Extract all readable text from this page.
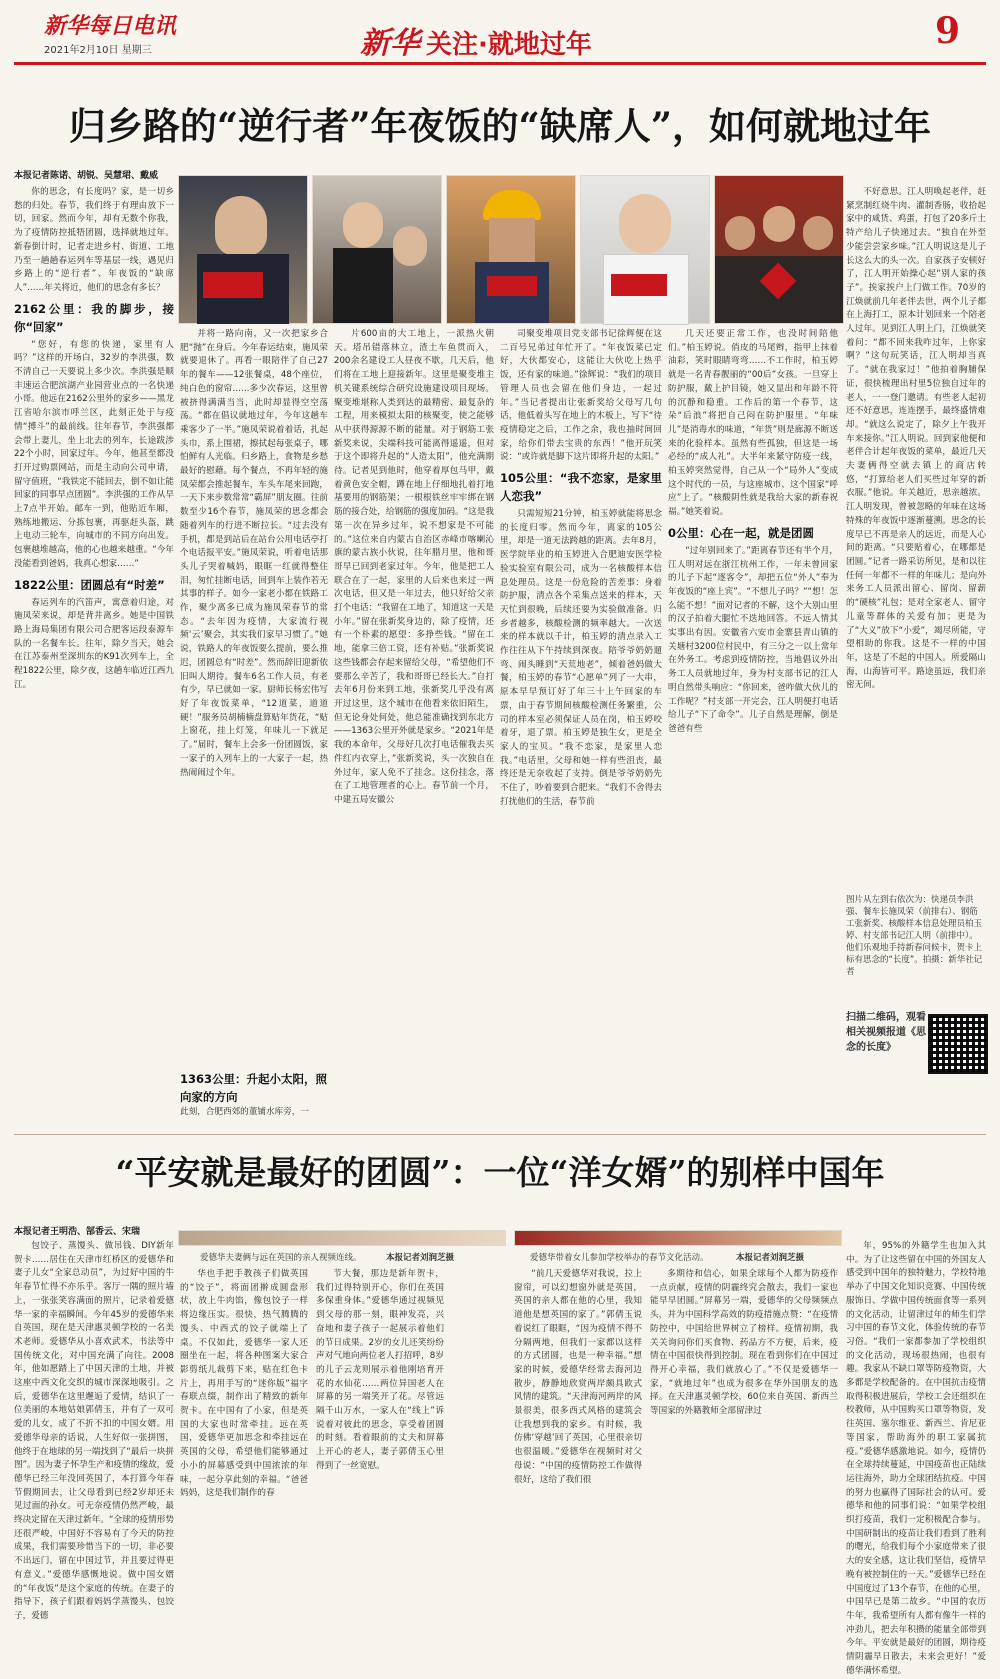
新华每日电讯
2021年2月10日 星期三	新华 关注·就地过年	9
归乡路的“逆行者”年夜饭的“缺席人”，如何就地过年
本报记者陈诺、胡锐、吴慧珺、戴威

你的思念，有长度吗？家，是一切乡愁的归处。春节，我们终于有理由放下一切，回家。然而今年，却有无数个你我，为了疫情防控抵牾团圆，选择就地过年。新春倒计时，记者走进乡村、街道、工地乃至一趟趟春运列车等基层一线，遇见归乡路上的“逆行者”、年夜饭的“缺席人”……年关将近，他们的思念有多长？

2162公里：我的脚步，接你“回家”

“您好，有您的快递，家里有人吗？”这样的开场白，32岁的李洪强，数不清自己一天要说上多少次。李洪强是顺丰速运合肥滨湖产业园营业点的一名快递小哥。他远在2162公里外的家乡——黑龙江省哈尔滨市呼兰区，此刻正处于与疫情“搏斗”的最前线。往年春节，李洪强都会带上妻儿，坐上北去的列车，长途跋涉22个小时，回家过年。今年，他甚至都没打开过购票网站，而是主动向公司申请，留守值班，“我铁定不能回去，倒不如让能回家的同事早点团圆”。李洪强的工作从早上7点半开始。邮车一到，他贴近车厢，熟练地搬运、分拣包裹，再驱赶头盔，跳上电动三轮车，向城市的不同方向出发。包裹越堆越高，他的心也越来越重。“今年没能看到爸妈，我真心想家……”

1822公里：团圆总有“时差”

春运列车的汽笛声，寓意着归途，对施凤荣来说，却是背井离乡。她是中国铁路上海局集团有限公司合肥客运段泰源车队的一名餐车长。往年，除夕当天，她会在江苏泰州至深圳东的K91次列车上，全程1822公里，除夕夜，这趟车临近江西九江。

并将一路向南，又一次把家乡合肥“抛”在身后。今年春运结束，施凤荣就要退休了。再看一眼陪伴了自己27年的餐车——12张餐桌，48个座位，纯白色的窗帘……多少次春运，这里曾被挤得满满当当，此时却显得空空荡荡。“都在倡议就地过年，今年这趟车乘客少了一半。”施凤荣说着着话，扎起头巾，系上围裙，擦拭起每张桌子，哪怕鲜有人光临。归乡路上，食物是乡愁最好的慰藉。每个餐点，不再年轻的施凤荣都会推起餐车，车头车尾来回跑，一天下来步数常常“霸屏”朋友圈。往前数至少16个春节，施凤荣的思念都会随着列车的行进不断拉长。“过去没有手机，都是到站后在站台公用电话亭打个电话报平安。”施凤荣说，听着电话那头儿子哭着喊妈，眼眶一红就得整住泪，匆忙挂断电话，回到车上装作若无其事的样子。如今一家老小都在铁路工作，聚少离多已成为施凤荣春节的常态。“去年因为疫情，大家流行视频‘云’聚会，其实我们家早习惯了。”她说，铁路人的年夜饭要么提前，要么推迟，团圆总有“时差”。然而辞旧迎新依旧叫人期待。餐车6名工作人员，有老有少，早已就如一家。厨师长杨宏伟写好了年夜饭菜单，“12道菜，道道硬！”服务员胡楠楠盘算贴年货花，“贴上窗花，挂上灯笼，年味儿一下就足了。”届时，餐车上会多一份团圆饭，家一家子的入列车上的一大家子一起，热热闹闹过个年。

1363公里：升起小太阳，照向家的方向
此刻，合肥西郊的董铺水库旁，一

片600亩的大工地上，一派热火朝天。塔吊错落林立，渣土车鱼贯而入，200余名建设工人昼夜不歇，几天后，他们将在工地上迎接新年。这里是聚变堆主机关键系统综合研究设施建设项目现场。聚变堆堪称人类到达的最精密、最复杂的工程，用来模拟太阳的核聚变，使之能够从中获得源源不断的能量。对于钢筋工张新奖来说，尖端科技可能离得遥遥，但对于这个即将升起的“人造太阳”，他充满期待。记者见到他时，他穿着厚包马甲，戴着黄色安全帽，蹲在地上仔细地扎着打地基要用的钢筋架；一根根铁丝牢牢绑在钢筋的接合处，给钢筋的强度加码。“这是我第一次在异乡过年，说不想家是不可能的。”这位来自内蒙古自治区赤峰市喀喇沁旗的蒙古族小伙说，往年腊月里，他和哥哥早已回到老家过年。今年，他是把工人联合在了一起，家里的人后来也来过一两次电话，但又是一年过去，他只好给父亲打个电话：“我留在工地了，知道这一天是小年。”留在张新奖身边的，除了疫情，还有一个朴素的愿望：多挣些钱。“留在工地，能拿三倍工资，还有补贴。”张新奖说这些钱都会存起来留给父母，“希望他们不要那么辛苦了，我和哥哥已经长大。”自打去年6月份来到工地，张新奖几乎没有离开过这里，这个城市在他看来依旧陌生，但无论身处何处，他总能准确找到东北方——1363公里开外就是家乡。“2021年是我的本命年，父母好几次打电话催我去买件红内衣穿上，”张新奖说，头一次独自在外过年，家人免不了挂念。这份挂念，落在了工地管理者的心上。春节前一个月，中建五局安徽公

司聚变堆项目党支部书记徐辉便在这二百号兄弟过年忙开了。“年夜饭菜已定好，大伙都安心，这能让大伙吃上热乎饭，还有家的味道。”徐辉说：“我们的项目管理人员也会留在他们身边，一起过年。”当记者提出让张新奖给父母写几句话，他低着头写在地上的木板上，写下“待疫情稳定之后，工作之余，我也抽时间回家，给你们带去宝贵的东西！”他开玩笑说：“或许就是脚下这片即将升起的太阳。”

105公里：“我不恋家，是家里人恋我”

只需短短21分钟，柏玉婷就能将思念的长度归零。然而今年，离家的105公里，却是一道无法跨越的距离。去年8月，医学院毕业的柏玉婷进入合肥迪安医学检验实验室有限公司，成为一名核酸样本信息处理员。这是一份危险的苦差事：身着防护服，清点各个采集点送来的样本，天天忙到很晚，后续还要为实验做准备。归乡者越多，核酸检测的频率越大。一次送来的样本就以千计，柏玉婷的清点录入工作往往从下午持续到深夜。陪爷爷奶奶遛弯、闹头睡到“天荒地老”，倾着爸妈做大餐，柏玉婷的春节“心愿单”列了一大串，原本早早预订好了年三十上午回家的车票，由于春节期间核酸检测任务繁重，公司的样本室必须保证人员在岗，柏玉婷咬着牙，退了票。柏玉婷是独生女，更是全家人的宝贝。“我不恋家，是家里人恋我。”电话里，父母和她一样有些沮丧，最终还是无奈收起了支持。倒是爷爷奶奶先不住了，吵着要到合肥来。“我们不舍得去打扰他们的生活，春节前

几天还要正常工作，也没时间陪他们。”柏玉婷说。俏皮的马尾辫，指甲上抹着油彩，笑时眼睛弯弯……不工作时，柏玉婷就是一名青春靓丽的“00后”女孩。一旦穿上防护服，戴上护目镜，她又显出和年龄不符的沉静和稳重。工作后的第一个春节，这朵“后浪”将把自己闷在防护服里。“年味儿”是消毒水的味道，“年货”则是廊源不断送来的化验样本。虽然有些孤独，但这是一场必经的“成人礼”。大半年来紧守防疫一线，柏玉婷突然觉得，自己从一个“局外人”变成这个时代的一员，与这座城市、这个国家“呼应”上了。“核酸阴性就是我给大家的新春祝福。”她笑着说。

0公里：心在一起，就是团圆

“过年别回来了。”距离春节还有半个月，江人明对远在浙江杭州工作，一年未曾回家的儿子下起“逐客令”，却把五位“外人”奉为年夜饭的“座上宾”。“不想儿子吗？”“想！怎么能不想！”面对记者的不解，这个大别山里的汉子拍着大腿忙不迭地回答。不远人情其实事出有因。安徽省六安市金寨县青山镇的关塘村3200位村民中，有三分之一以上常年在外务工。考虑到疫情防控，当地倡议外出务工人员就地过年，身为村支部书记的江人明自然带头响应：“你回来，爸咋做大伙儿的工作呢？”村支部一开完会，江人明便打电话给儿子“下了命令”。儿子自然是理解，倒是爸爸有些

不好意思。江人明唤起老伴，赶紧烹制红烧牛肉、灌制香肠，收拾起家中的咸货、鸡蛋，打包了20多斤土特产给儿子快递过去。“独自在外至少能尝尝家乡味。”江人明说这是儿子长这么大的头一次。自家孩子安顿好了，江人明开始操心起“别人家的孩子”。挨家挨户上门做工作。70岁的江焕就前几年老伴去世，两个儿子都在上海打工，原本计划回来一个陪老人过年。见到江人明上门，江焕就笑着问：“都不回来我咋过年，上你家啊？”这句玩笑话，江人明却当真了。“就在我家过！”他拍着胸脯保证，很快梳理出村里5位独自过年的老人，一一登门邀请。有些老人起初还不好意思，连连摆手，最终盛情难却。“就这么说定了，除夕上午我开车来接你。”江人明说。回到家他便和老伴合计起年夜饭的菜单，最近几天夫妻俩得空就去镇上的商店转悠，“打算给老人们买些过年穿的新衣服。”他说。年关越近，思亲越浓。江人明发现，曾被忽略的年味在这场特殊的年夜饭中逐渐蔓溯。思念的长度早已不再是亲人的远近，而是人心间的距离。“只要贴着心，在哪都是团圆。”记者一路采访所见，是和以往任何一年都不一样的年味儿；是向外来务工人员派出留心、留岗、留薪的“硬核”礼包；是对全家老人、留守儿童等群体的关爱有加；更是为了“大义”放下“小爱”，竭尽所能，守望相助的你我。这是不一样的中国年，这是了不起的中国人。所爱隔山海，山海皆可平。路途虽远，我们亲密无间。

图片从左到右依次为：快递员李洪强、餐车长施凤荣（前排右）、钢筋工张新奖、核酸样本信息处理员柏玉婷、村支部书记江人明（前排中）。他们乐观地手持新春问候卡，贺卡上标有思念的“长度”。拍摄：新华社记者
扫描二维码，观看相关视频报道《思念的长度》
“平安就是最好的团圆”：一位“洋女婿”的别样中国年
本报记者王明浩、郜香云、宋瑞

包饺子、蒸馒头、做吊钱、DIY新年贺卡……居住在天津市红桥区的爱德华和妻子儿女“全家总动员”，为过好中国的牛年春节忙得不亦乐乎。客厅一隅的照片墙上，一张张笑容满面的照片，记录着爱德华一家的幸福瞬间。今年45岁的爱德华来自英国，现在是天津惠灵顿学校的一名美术老师。爱德华从小喜欢武术，书法等中国传统文化，对中国充满了向往。2008年，他如愿踏上了中国天津的土地，并被这座中西文化交织的城市深深地吸引。之后，爱德华在这里邂逅了爱情，结识了一位美丽的本地姑娘郭倩玉，并有了一双可爱的儿女，成了不折不扣的中国女婿。用爱德华母亲的话说，人生好似一张拼图，他终于在地球的另一端找到了“最后一块拼图”。因为妻子怀孕生产和疫情的缘故，爱德华已经三年没回英国了，本打算今年春节假期回去，让父母看到已经2岁却还未见过面的孙女。可无奈疫情仍然严峻，最终决定留在天津过新年。“全球的疫情形势还很严峻，中国好不容易有了今天的防控成果，我们需要珍惜当下的一切，非必要不出远门，留在中国过节，并且要过得更有意义。”爱德华感慨地说。做中国女婿的“年夜饭”是这个家庭的传统。在妻子的指导下，孩子们跟着妈妈学蒸馒头、包饺子，爱德

爱德华夫妻俩与远在英国的亲人视频连线。	本报记者刘润芝摄	爱德华带着女儿参加学校举办的春节文化活动。	本报记者刘润芝摄

华也手把手教孩子们做英国的“饺子”，将面团擀成圆盘形状，放上牛肉馅，像包饺子一样将边缘压实。很快，热气腾腾的馒头、中西式的饺子就端上了桌。不仅如此，爱德华一家人还圈坐在一起，将各种图案大家合影剪纸儿裁剪下来，贴在红色卡片上，再用手写的“迷你版”福字春联点缀，制作出了精致的新年贺卡。在中国有了小家，但是英国的大家也时常牵挂。远在英国，爱德华更加思念和牵挂远在英国的父母，希望他们能够通过小小的屏幕感受到中国浓浓的年味，一起分享此刻的幸福。“爸爸妈妈，这是我们制作的春

节大餐，那边是新年贺卡，我们过得特别开心，你们在英国多保重身体。”爱德华通过视频见到父母的那一刻，眼神发亮，兴奋地和妻子孩子一起展示着他们的节日成果。2岁的女儿还笑纷纷声对气地向两位老人打招呼，8岁的儿子云龙则展示着他刚培育开花的水仙花……两位异国老人在屏幕的另一端笑开了花。尽管远隔千山万水，一家人在“线上”诉说着对彼此的思念，享受着团圆的时刻。看着眼前的丈夫和屏幕上开心的老人，妻子郭倩玉心里得到了一丝宽慰。

“前几天爱德华对我说，拉上窗帘，可以幻想窗外就是英国，英国的亲人都在他的心里，我知道他是想英国的家了。”郭倩玉说着说红了眼眶，“因为疫情不得不分隔两地，但我们一家都以这样的方式团圆，也是一种幸福。”想家的时候，爱德华经常去海河边散步，静静地欣赏两岸颇具欧式风情的建筑。“天津海河两岸的风景很美，很多西式风格的建筑会让我想到我的家乡。有时候，我仿佛‘穿越’回了英国，心里很亲切也很温暖。”爱德华在视频时对父母说：“中国的疫情防控工作做得很好，这给了我们很

多期待和信心，如果全球每个人都为防疫作一点贡献，疫情的阴霾终究会散去，我们一家也能早早团圆。”屏幕另一端，爱德华的父母频频点头，并为中国科学高效的防疫措施点赞：“在疫情防控中，中国给世界树立了榜样。疫情初期，我关关询问你们买食物、药品方不方便，后来，疫情在中国很快得到控制。现在看到你们在中国过得开心幸福，我们就放心了。”不仅是爱德华一家，“就地过年”也成为很多在华外国朋友的选择。在天津惠灵顿学校，60位来自英国、新西兰等国家的外籍教师全部留津过

年，95%的外籍学生也加入其中。为了让这些留在中国的外国友人感受到中国年的独特魅力，学校特地举办了中国文化知识竞赛、中国传统服饰日、学做中国传统面食等一系列的文化活动，让留津过年的师生们学习中国的春节文化，体验传统的春节习俗。“我们一家都参加了学校组织的文化活动，现场很热闹，也很有趣。我家从不缺口罩等防疫物资，大多都是学校配备的。在中国抗击疫情取得积极进展后，学校工会还组织在校教师，从中国购买口罩等物资，发往英国、塞尔维亚、新西兰、肯尼亚等国家，帮助海外的职工家属抗疫。”爱德华感激地说。如今，疫情仍在全球持续蔓延，中国疫苗也正陆续运往海外，助力全球团结抗疫。中国的努力也赢得了国际社会的认可。爱德华和他的同事们说：“如果学校组织打疫苗，我们一定积极配合参与。中国研制出的疫苗让我们看到了胜利的曙光，给我们每个小家庭带来了很大的安全感，这让我们坚信，疫情早晚有被控制住的一天。”爱德华已经在中国度过了13个春节，在他的心里，中国早已是第二故乡。“中国的农历牛年，我希望所有人都有像牛一样的冲劲儿，把去年积攒的能量全部带到今年。平安就是最好的团圆，期待疫情阴霾早日散去，未来会更好！”爱德华满怀希望。
